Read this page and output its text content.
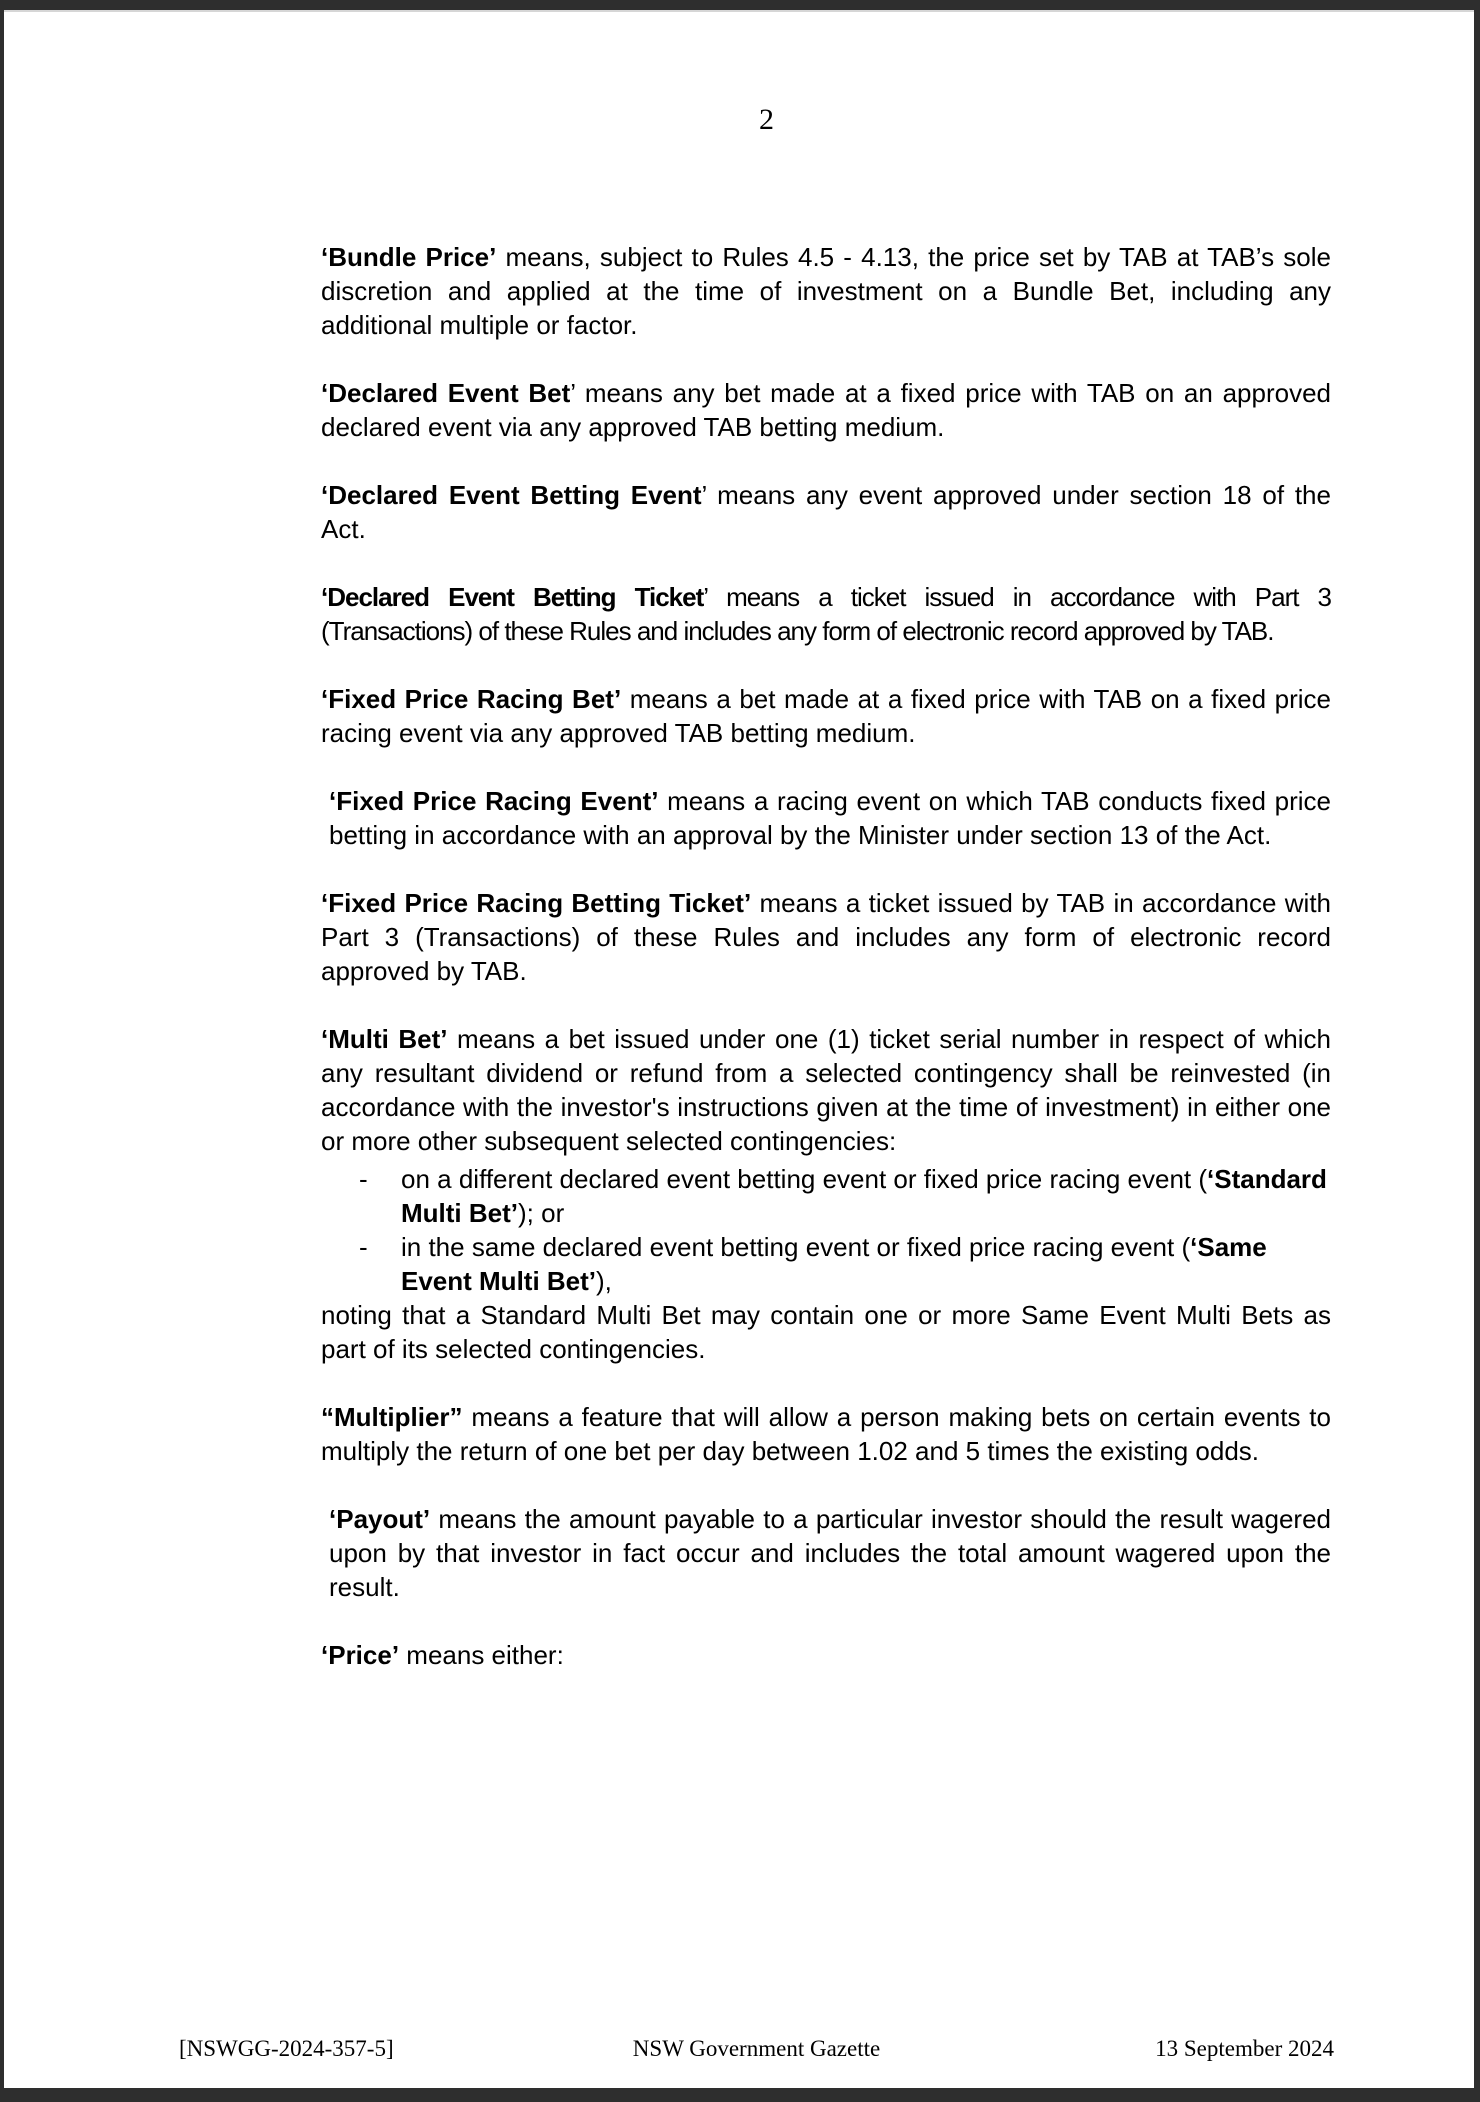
2

‘Bundle Price’ means, subject to Rules 4.5 - 4.13, the price set by TAB at TAB’s sole discretion and applied at the time of investment on a Bundle Bet, including any additional multiple or factor.

‘Declared Event Bet’ means any bet made at a fixed price with TAB on an approved declared event via any approved TAB betting medium.

‘Declared Event Betting Event’ means any event approved under section 18 of the Act.

‘Declared Event Betting Ticket’ means a ticket issued in accordance with Part 3 (Transactions) of these Rules and includes any form of electronic record approved by TAB.

‘Fixed Price Racing Bet’ means a bet made at a fixed price with TAB on a fixed price racing event via any approved TAB betting medium.

‘Fixed Price Racing Event’ means a racing event on which TAB conducts fixed price betting in accordance with an approval by the Minister under section 13 of the Act.

‘Fixed Price Racing Betting Ticket’ means a ticket issued by TAB in accordance with Part 3 (Transactions) of these Rules and includes any form of electronic record approved by TAB.

‘Multi Bet’ means a bet issued under one (1) ticket serial number in respect of which any resultant dividend or refund from a selected contingency shall be reinvested (in accordance with the investor's instructions given at the time of investment) in either one or more other subsequent selected contingencies:

-	on a different declared event betting event or fixed price racing event (‘Standard Multi Bet’); or
-	in the same declared event betting event or fixed price racing event (‘Same Event Multi Bet’),

noting that a Standard Multi Bet may contain one or more Same Event Multi Bets as part of its selected contingencies.

“Multiplier” means a feature that will allow a person making bets on certain events to multiply the return of one bet per day between 1.02 and 5 times the existing odds.

‘Payout’ means the amount payable to a particular investor should the result wagered upon by that investor in fact occur and includes the total amount wagered upon the result.

‘Price’ means either:

[NSWGG-2024-357-5]	NSW Government Gazette	13 September 2024
